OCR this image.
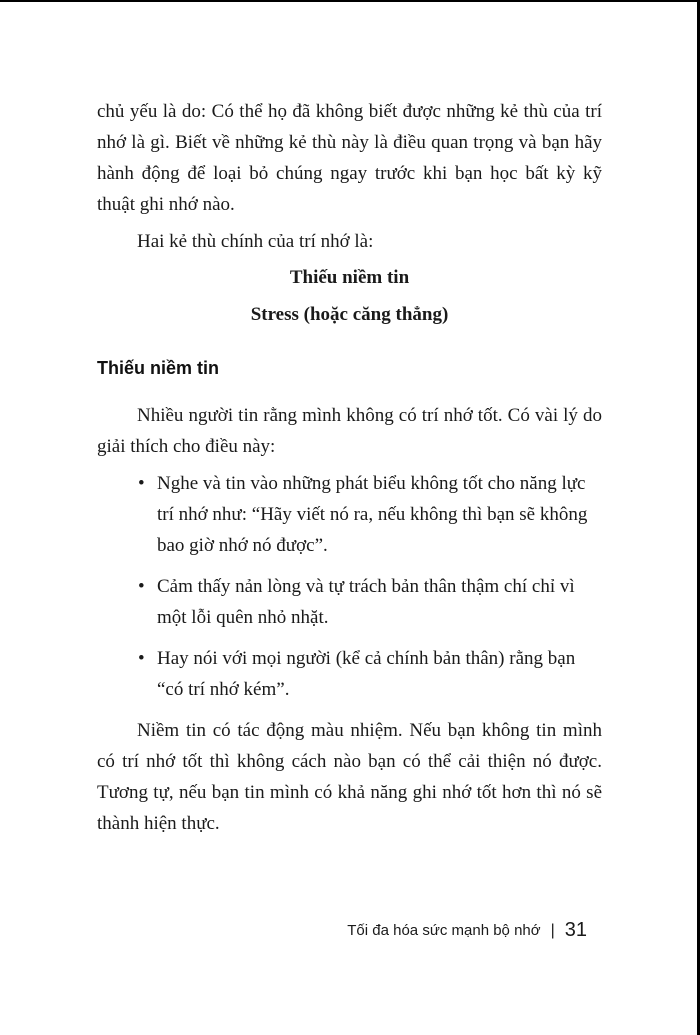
chủ yếu là do: Có thể họ đã không biết được những kẻ thù của trí nhớ là gì. Biết về những kẻ thù này là điều quan trọng và bạn hãy hành động để loại bỏ chúng ngay trước khi bạn học bất kỳ kỹ thuật ghi nhớ nào.

Hai kẻ thù chính của trí nhớ là:

Thiếu niềm tin

Stress (hoặc căng thẳng)

Thiếu niềm tin

Nhiều người tin rằng mình không có trí nhớ tốt. Có vài lý do giải thích cho điều này:

• Nghe và tin vào những phát biểu không tốt cho năng lực trí nhớ như: “Hãy viết nó ra, nếu không thì bạn sẽ không bao giờ nhớ nó được”.
• Cảm thấy nản lòng và tự trách bản thân thậm chí chỉ vì một lỗi quên nhỏ nhặt.
• Hay nói với mọi người (kể cả chính bản thân) rằng bạn “có trí nhớ kém”.

Niềm tin có tác động màu nhiệm. Nếu bạn không tin mình có trí nhớ tốt thì không cách nào bạn có thể cải thiện nó được. Tương tự, nếu bạn tin mình có khả năng ghi nhớ tốt hơn thì nó sẽ thành hiện thực.

Tối đa hóa sức mạnh bộ nhớ | 31
